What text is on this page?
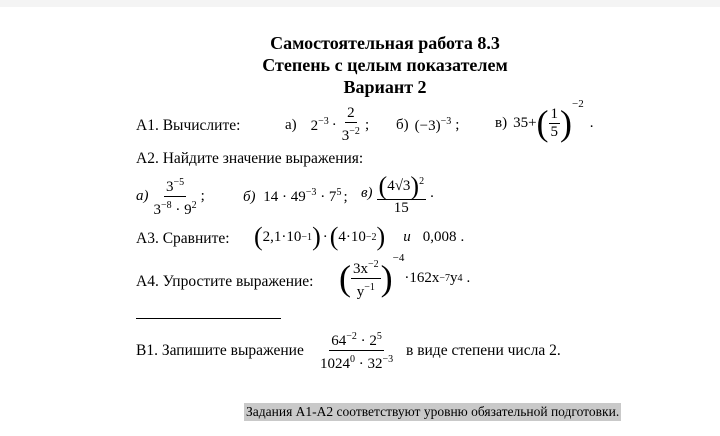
Самостоятельная работа 8.3
Степень с целым показателем
Вариант 2
А1. Вычислите:	а) $2^{-3} \cdot \frac{2}{3^{-2}}$ ; б) $(-3)^{-3}$ ; в) 35+ ( $\frac{1}{5}$ ) −2
.
А2. Найдите значение выражения:
$а) \frac{3^{-5}}{3^{-8} \cdot 9^2}$ ;	б) $14 \cdot 49^{-3} \cdot 7^5$ ; $в) \frac{(4√3)^2}{15}$ .
А3. Сравните: ( 2,1·10 −1 ) · ( 4·10 −2 ) и 0,008 .
А4. Упростите выражение: ( $\frac{3x^{-2}}{y^{-1}}$ ) −4
·162x −7 y 4 .
В1. Запишите выражение $\frac{64^{-2} \cdot 2^5}{1024^0 \cdot 32^{-3}}$ в виде степени числа 2.
Задания А1-А2 соответствуют уровню обязательной подготовки.
